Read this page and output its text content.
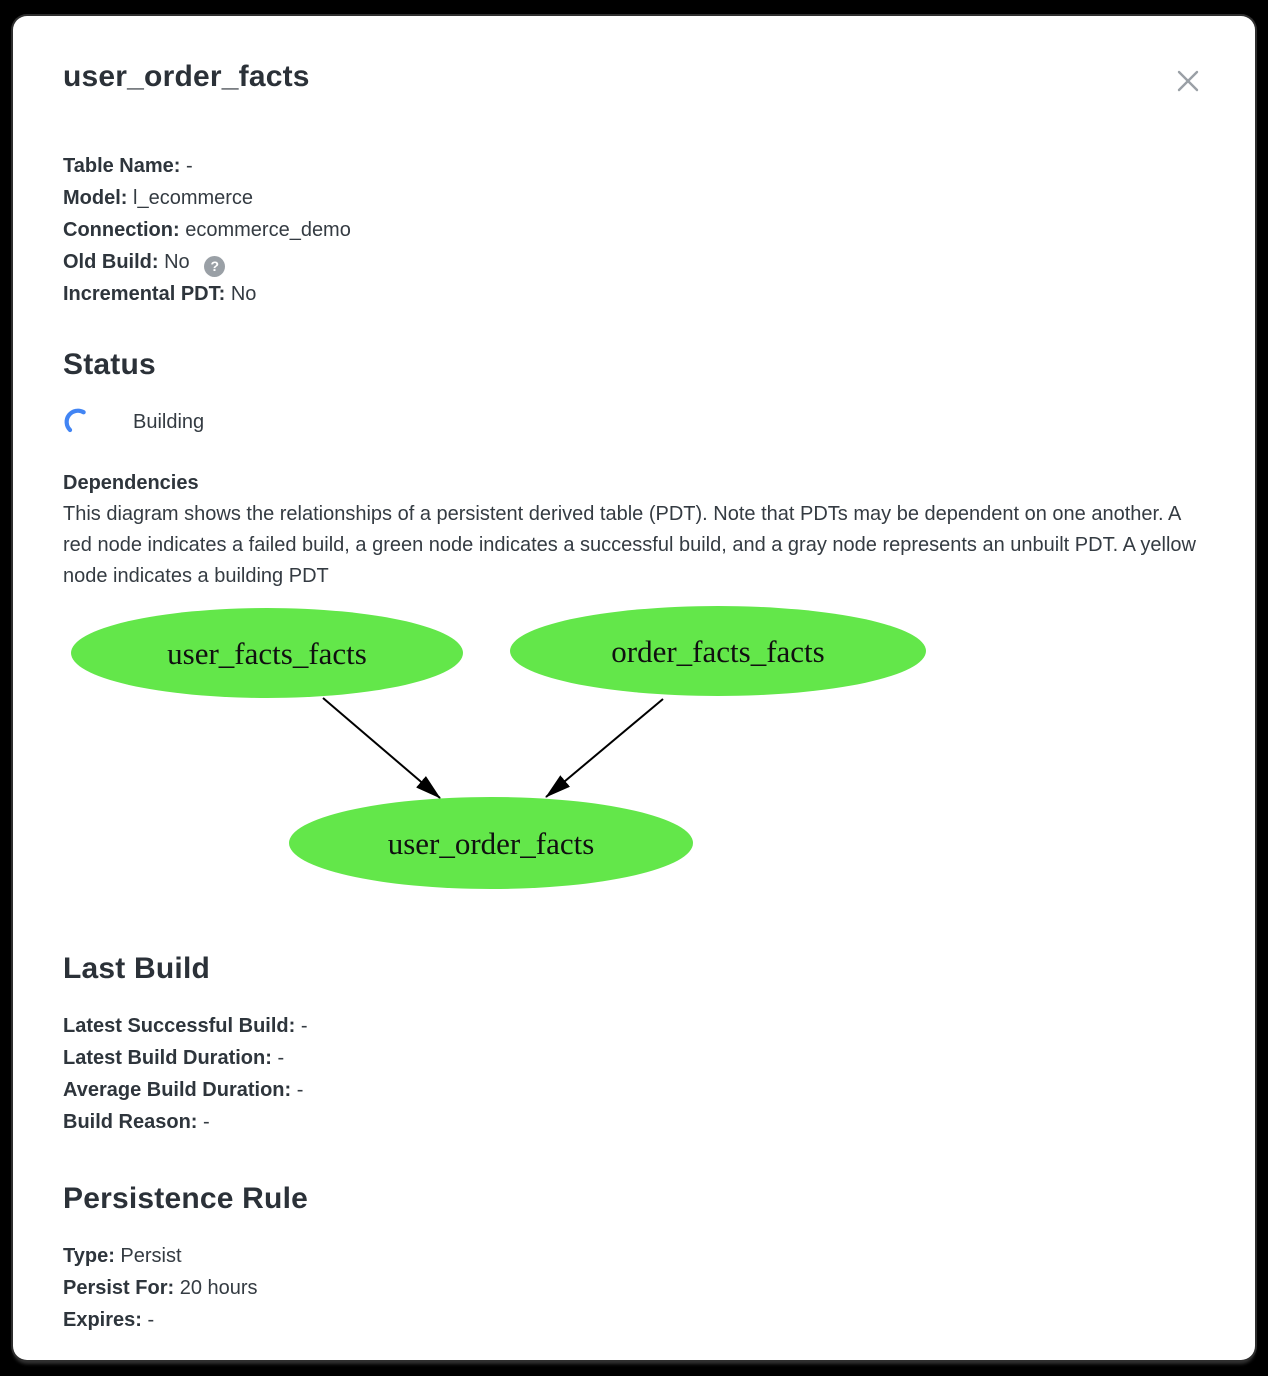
user_order_facts
Table Name: -
Model: l_ecommerce
Connection: ecommerce_demo
Old Build: No ?
Incremental PDT: No
Status
Building
Dependencies

This diagram shows the relationships of a persistent derived table (PDT). Note that PDTs may be dependent on one another. A red node indicates a failed build, a green node indicates a successful build, and a gray node represents an unbuilt PDT. A yellow node indicates a building PDT

user_facts_facts	order_facts_facts
user_order_facts
Last Build
Latest Successful Build: -
Latest Build Duration: -
Average Build Duration: -
Build Reason: -
Persistence Rule
Type: Persist
Persist For: 20 hours
Expires: -
